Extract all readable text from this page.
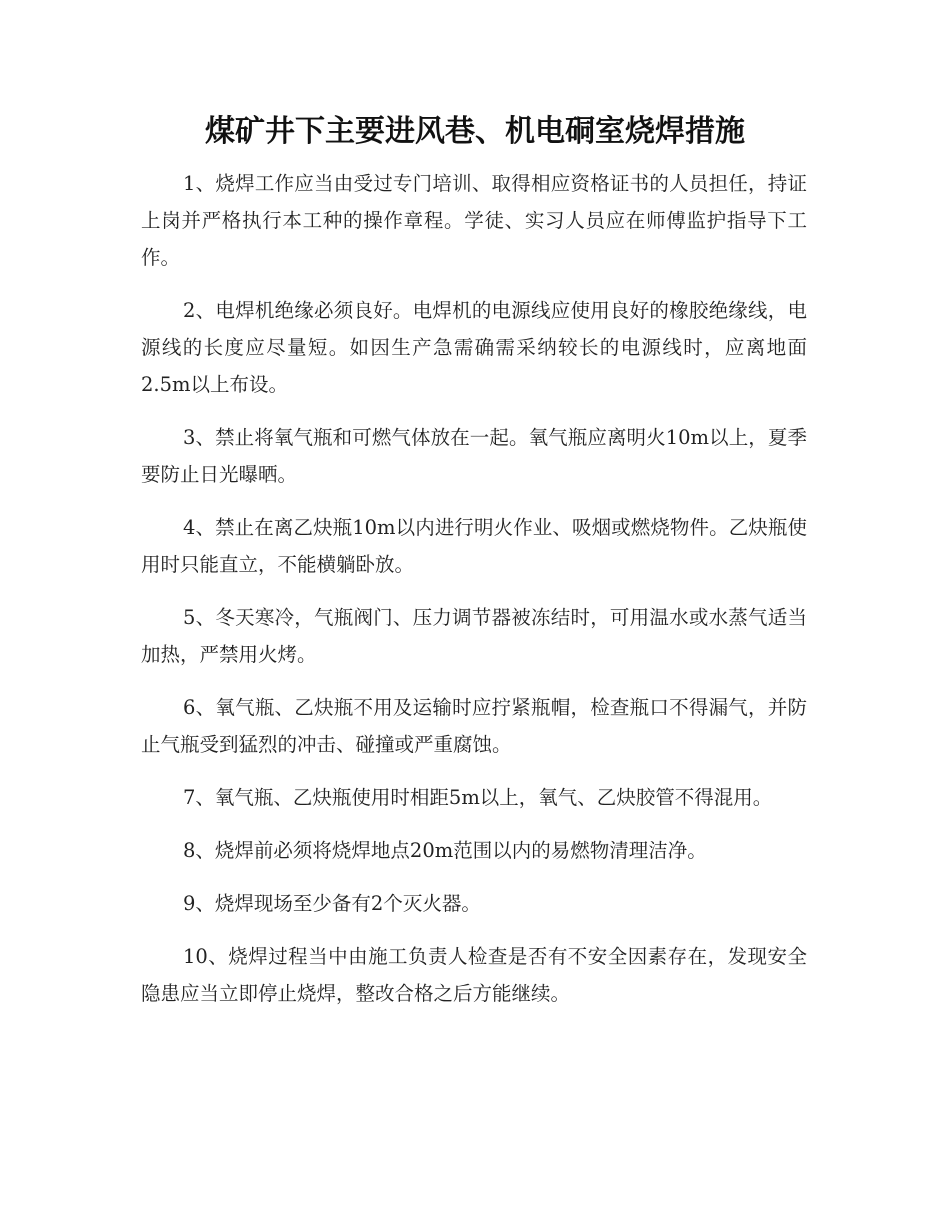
煤矿井下主要进风巷、机电硐室烧焊措施

1、烧焊工作应当由受过专门培训、取得相应资格证书的人员担任，持证上岗并严格执行本工种的操作章程。学徒、实习人员应在师傅监护指导下工作。

2、电焊机绝缘必须良好。电焊机的电源线应使用良好的橡胶绝缘线，电源线的长度应尽量短。如因生产急需确需采纳较长的电源线时，应离地面2.5m以上布设。

3、禁止将氧气瓶和可燃气体放在一起。氧气瓶应离明火10m以上，夏季要防止日光曝晒。

4、禁止在离乙炔瓶10m以内进行明火作业、吸烟或燃烧物件。乙炔瓶使用时只能直立，不能横躺卧放。

5、冬天寒冷，气瓶阀门、压力调节器被冻结时，可用温水或水蒸气适当加热，严禁用火烤。

6、氧气瓶、乙炔瓶不用及运输时应拧紧瓶帽，检查瓶口不得漏气，并防止气瓶受到猛烈的冲击、碰撞或严重腐蚀。

7、氧气瓶、乙炔瓶使用时相距5m以上，氧气、乙炔胶管不得混用。

8、烧焊前必须将烧焊地点20m范围以内的易燃物清理洁净。

9、烧焊现场至少备有2个灭火器。

10、烧焊过程当中由施工负责人检查是否有不安全因素存在，发现安全隐患应当立即停止烧焊，整改合格之后方能继续。
